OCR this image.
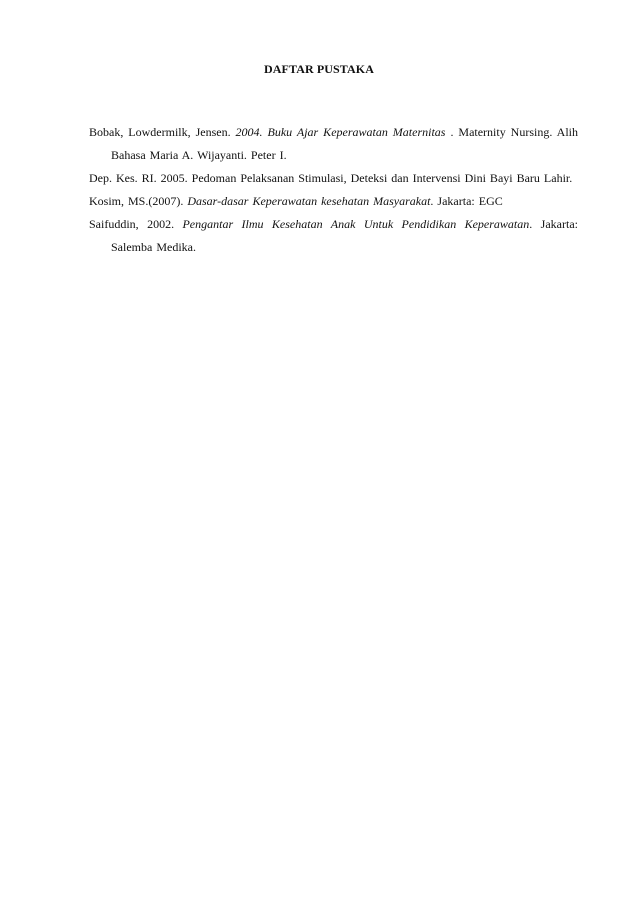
DAFTAR PUSTAKA

Bobak, Lowdermilk, Jensen. 2004. Buku Ajar Keperawatan Maternitas . Maternity Nursing. Alih Bahasa Maria A. Wijayanti. Peter I.

Dep. Kes. RI. 2005. Pedoman Pelaksanan Stimulasi, Deteksi dan Intervensi Dini Bayi Baru Lahir.

Kosim, MS.(2007). Dasar-dasar Keperawatan kesehatan Masyarakat. Jakarta: EGC

Saifuddin, 2002. Pengantar Ilmu Kesehatan Anak Untuk Pendidikan Keperawatan. Jakarta: Salemba Medika.
